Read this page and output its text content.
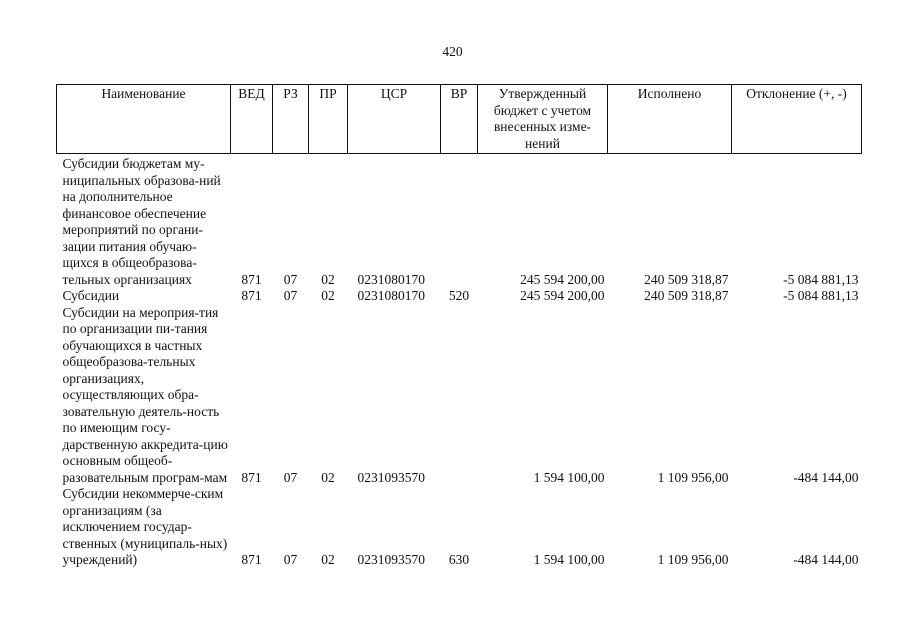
420
Наименование	ВЕД	РЗ	ПР	ЦСР	ВР	Утвержденный бюджет с учетом внесенных изме-нений	Исполнено	Отклонение (+, -)
Субсидии бюджетам му-ниципальных образова-ний на дополнительное финансовое обеспечение мероприятий по органи-зации питания обучаю-щихся в общеобразова-тельных организациях	871	07	02	0231080170		245 594 200,00	240 509 318,87	-5 084 881,13
Субсидии	871	07	02	0231080170	520	245 594 200,00	240 509 318,87	-5 084 881,13
Субсидии на мероприя-тия по организации пи-тания обучающихся в частных общеобразова-тельных организациях, осуществляющих обра-зовательную деятель-ность по имеющим госу-дарственную аккредита-цию основным общеоб-разовательным програм-мам	871	07	02	0231093570		1 594 100,00	1 109 956,00	-484 144,00
Субсидии некоммерче-ским организациям (за исключением государ-ственных (муниципаль-ных) учреждений)	871	07	02	0231093570	630	1 594 100,00	1 109 956,00	-484 144,00
